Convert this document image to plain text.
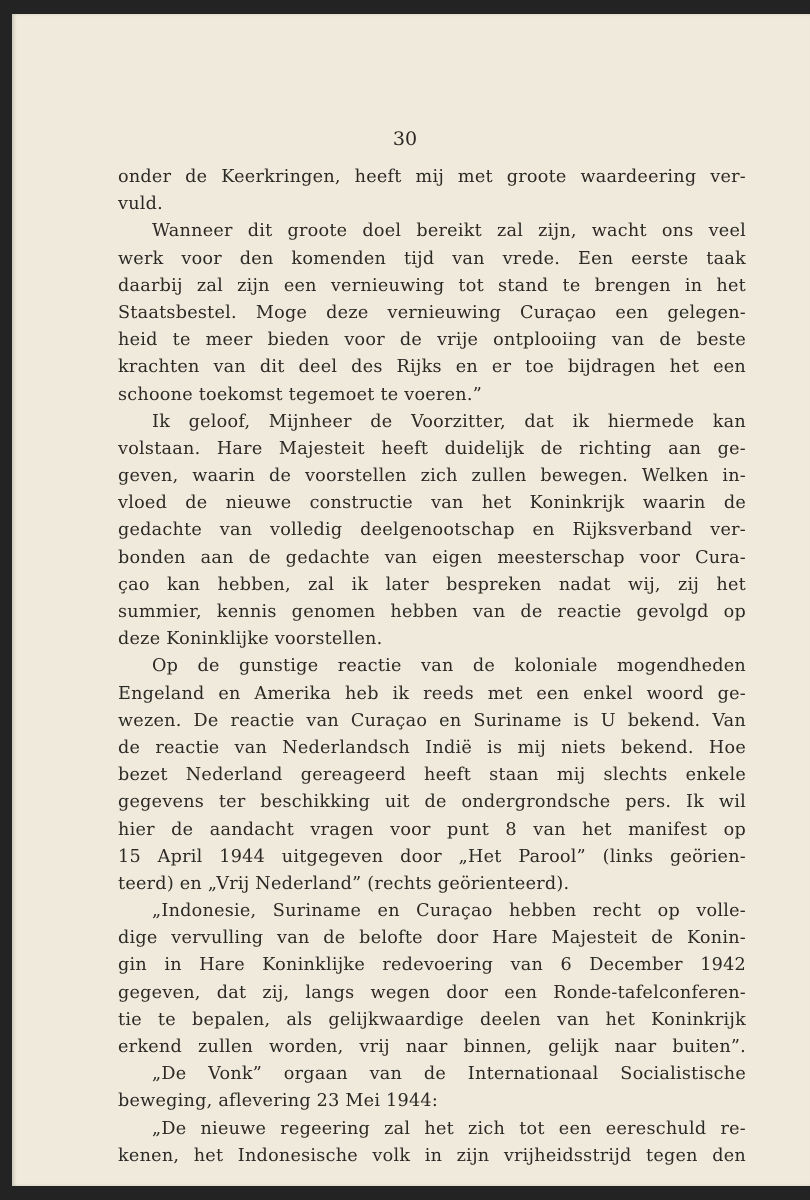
30
onder de Keerkringen, heeft mij met groote waardeering ver-
vuld.
Wanneer dit groote doel bereikt zal zijn, wacht ons veel
werk voor den komenden tijd van vrede. Een eerste taak
daarbij zal zijn een vernieuwing tot stand te brengen in het
Staatsbestel. Moge deze vernieuwing Curaçao een gelegen-
heid te meer bieden voor de vrije ontplooiing van de beste
krachten van dit deel des Rijks en er toe bijdragen het een
schoone toekomst tegemoet te voeren.”
Ik geloof, Mijnheer de Voorzitter, dat ik hiermede kan
volstaan. Hare Majesteit heeft duidelijk de richting aan ge-
geven, waarin de voorstellen zich zullen bewegen. Welken in-
vloed de nieuwe constructie van het Koninkrijk waarin de
gedachte van volledig deelgenootschap en Rijksverband ver-
bonden aan de gedachte van eigen meesterschap voor Cura-
çao kan hebben, zal ik later bespreken nadat wij, zij het
summier, kennis genomen hebben van de reactie gevolgd op
deze Koninklijke voorstellen.
Op de gunstige reactie van de koloniale mogendheden
Engeland en Amerika heb ik reeds met een enkel woord ge-
wezen. De reactie van Curaçao en Suriname is U bekend. Van
de reactie van Nederlandsch Indië is mij niets bekend. Hoe
bezet Nederland gereageerd heeft staan mij slechts enkele
gegevens ter beschikking uit de ondergrondsche pers. Ik wil
hier de aandacht vragen voor punt 8 van het manifest op
15 April 1944 uitgegeven door „Het Parool” (links geörien-
teerd) en „Vrij Nederland” (rechts geörienteerd).
„Indonesie, Suriname en Curaçao hebben recht op volle-
dige vervulling van de belofte door Hare Majesteit de Konin-
gin in Hare Koninklijke redevoering van 6 December 1942
gegeven, dat zij, langs wegen door een Ronde-tafelconferen-
tie te bepalen, als gelijkwaardige deelen van het Koninkrijk
erkend zullen worden, vrij naar binnen, gelijk naar buiten”.
„De Vonk” orgaan van de Internationaal Socialistische
beweging, aflevering 23 Mei 1944:
„De nieuwe regeering zal het zich tot een eereschuld re-
kenen, het Indonesische volk in zijn vrijheidsstrijd tegen den
